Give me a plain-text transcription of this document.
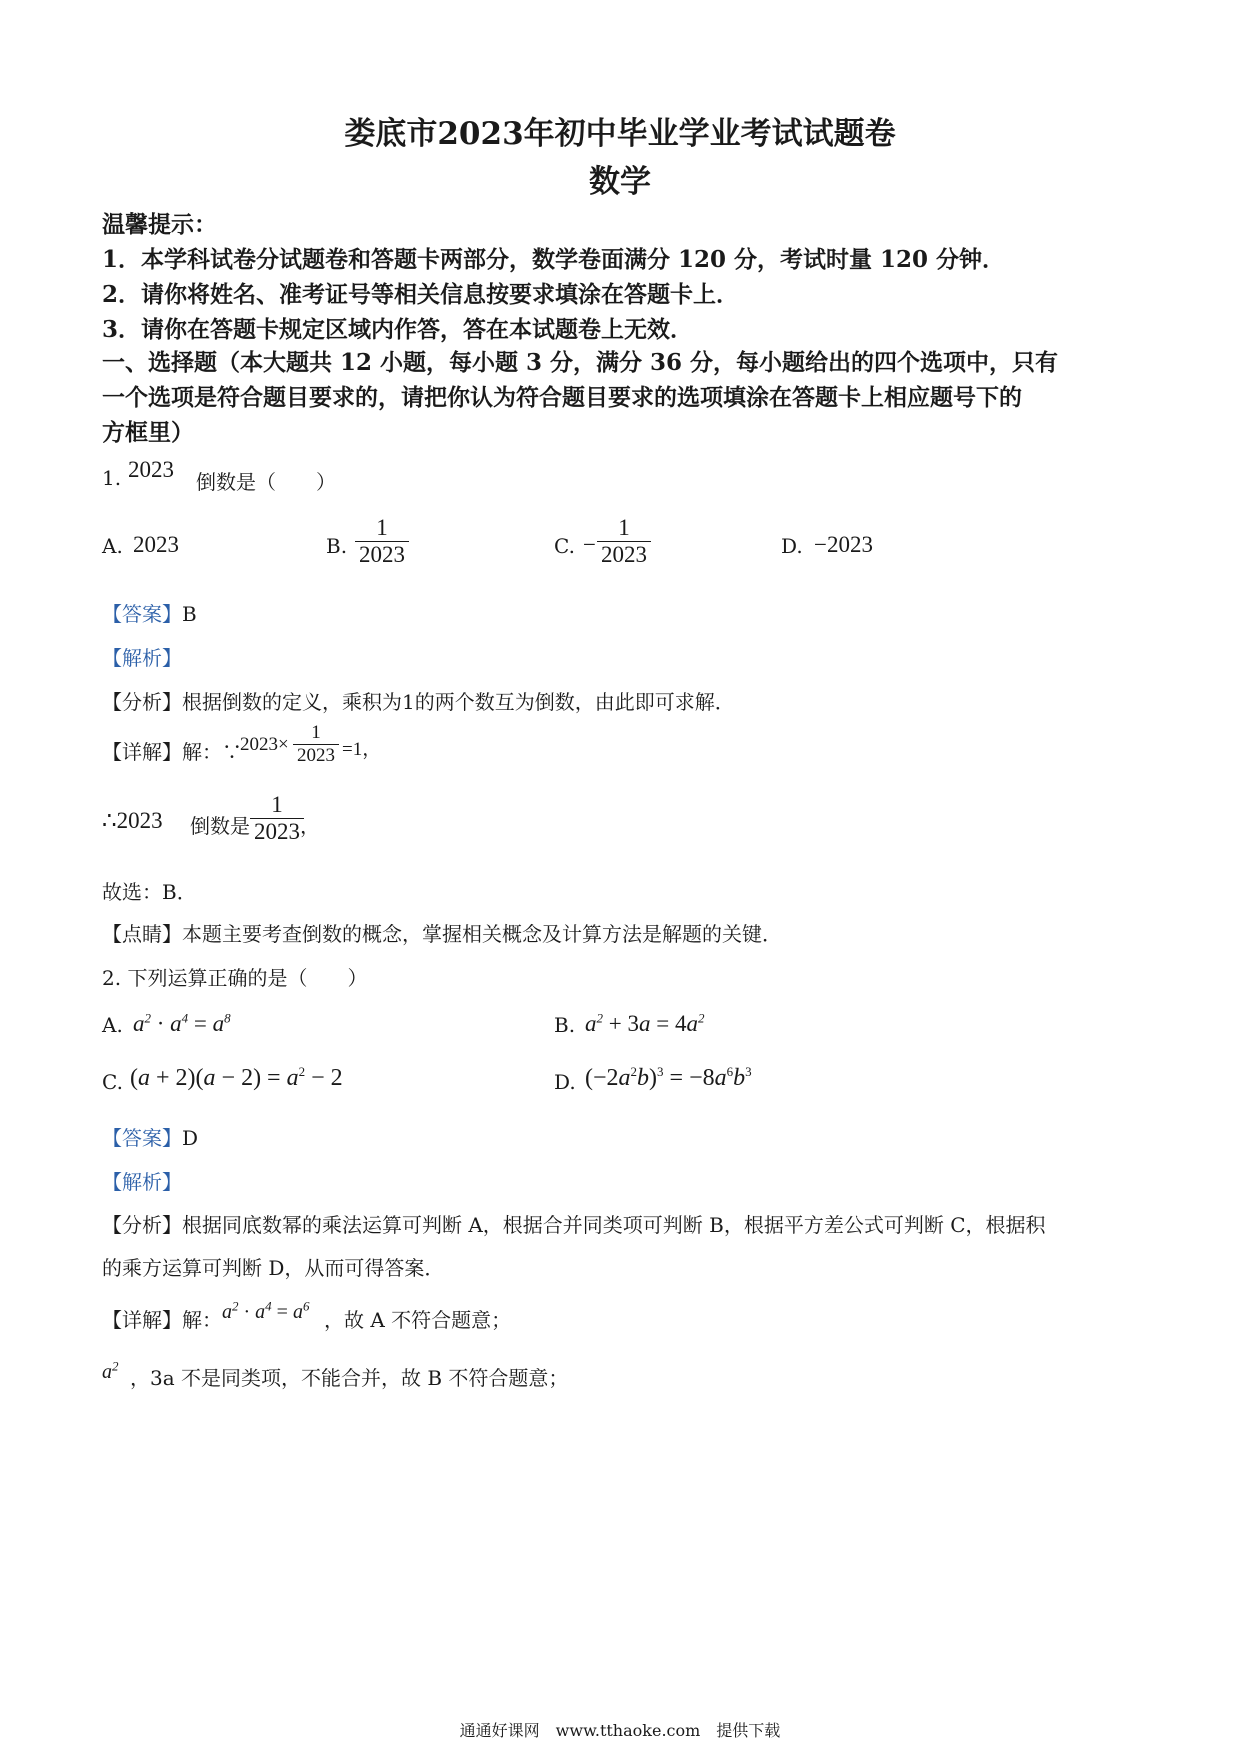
娄底市2023年初中毕业学业考试试题卷
数学
温馨提示：
1．本学科试卷分试题卷和答题卡两部分，数学卷面满分 120 分，考试时量 120 分钟．
2．请你将姓名、准考证号等相关信息按要求填涂在答题卡上．
3．请你在答题卡规定区域内作答，答在本试题卷上无效．
一、选择题（本大题共 12 小题，每小题 3 分，满分 36 分，每小题给出的四个选项中，只有
一个选项是符合题目要求的，请把你认为符合题目要求的选项填涂在答题卡上相应题号下的
方框里）
1. 2023 倒数是（　　）
A. 2023	B. $\frac{1}{2023}$	C. − $\frac{1}{2023}$	D. −2023
【答案】B
【解析】
【分析】根据倒数的定义，乘积为1的两个数互为倒数，由此即可求解．
【详解】解：∵
$2023\times \frac{1}{2023} =1$，
∴2023 倒数是 $\frac{1}{2023}$
，
故选：B．
【点睛】本题主要考查倒数的概念，掌握相关概念及计算方法是解题的关键．
2. 下列运算正确的是（　　）
A. $a^2 \cdot a^4 = a^8$	B. $a^2 + 3a = 4a^2$
C. $(a + 2)(a - 2) = a^2 - 2$	D. $(-2a^2b)^3 = -8a^6b^3$
【答案】D
【解析】
【分析】根据同底数幂的乘法运算可判断 A，根据合并同类项可判断 B，根据平方差公式可判断 C，根据积
的乘方运算可判断 D，从而可得答案．
【详解】解： $a^2 \cdot a^4 = a^6$
，故 A 不符合题意；
$a^2$
，3a 不是同类项，不能合并，故 B 不符合题意；
通通好课网　www.tthaoke.com　提供下载
